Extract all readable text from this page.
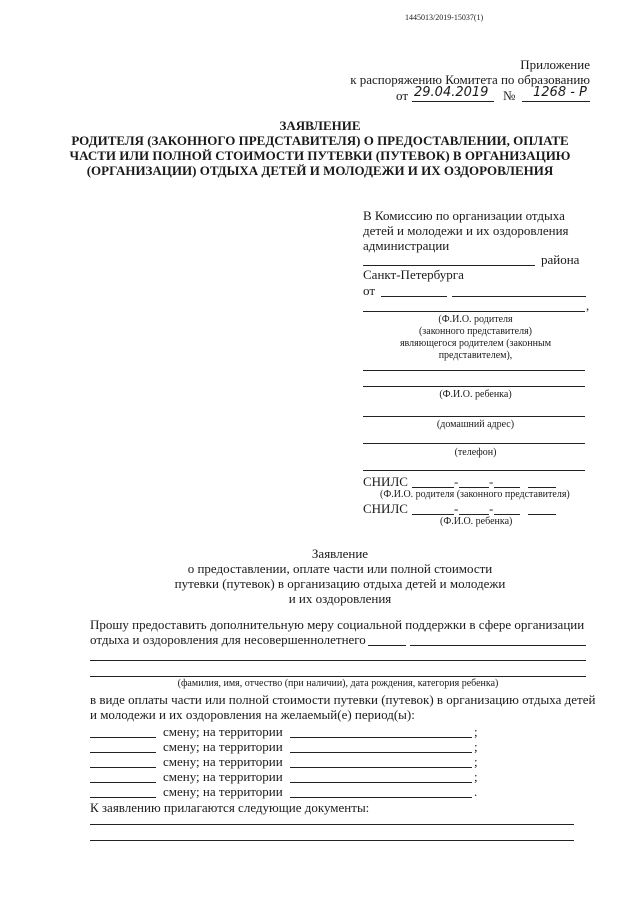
1445013/2019-15037(1)
Приложение
к распоряжению Комитета по образованию
от 29.04.2019 № 1268 - Р
ЗАЯВЛЕНИЕ
РОДИТЕЛЯ (ЗАКОННОГО ПРЕДСТАВИТЕЛЯ) О ПРЕДОСТАВЛЕНИИ, ОПЛАТЕ
ЧАСТИ ИЛИ ПОЛНОЙ СТОИМОСТИ ПУТЕВКИ (ПУТЕВОК) В ОРГАНИЗАЦИЮ
(ОРГАНИЗАЦИИ) ОТДЫХА ДЕТЕЙ И МОЛОДЕЖИ И ИХ ОЗДОРОВЛЕНИЯ
В Комиссию по организации отдыха
детей и молодежи и их оздоровления
администрации
района
Санкт-Петербурга
от
,
(Ф.И.О. родителя
(законного представителя)
являющегося родителем (законным
представителем),
(Ф.И.О. ребенка)
(домашний адрес)
(телефон)
СНИЛС	- -
(Ф.И.О. родителя (законного представителя)
СНИЛС	- -
(Ф.И.О. ребенка)
Заявление
о предоставлении, оплате части или полной стоимости
путевки (путевок) в организацию отдыха детей и молодежи
и их оздоровления
Прошу предоставить дополнительную меру социальной поддержки в сфере организации
отдыха и оздоровления для несовершеннолетнего
(фамилия, имя, отчество (при наличии), дата рождения, категория ребенка)
в виде оплаты части или полной стоимости путевки (путевок) в организацию отдыха детей
и молодежи и их оздоровления на желаемый(е) период(ы):
смену; на территории	;
смену; на территории	;
смену; на территории	;
смену; на территории	;
смену; на территории	.
К заявлению прилагаются следующие документы:
